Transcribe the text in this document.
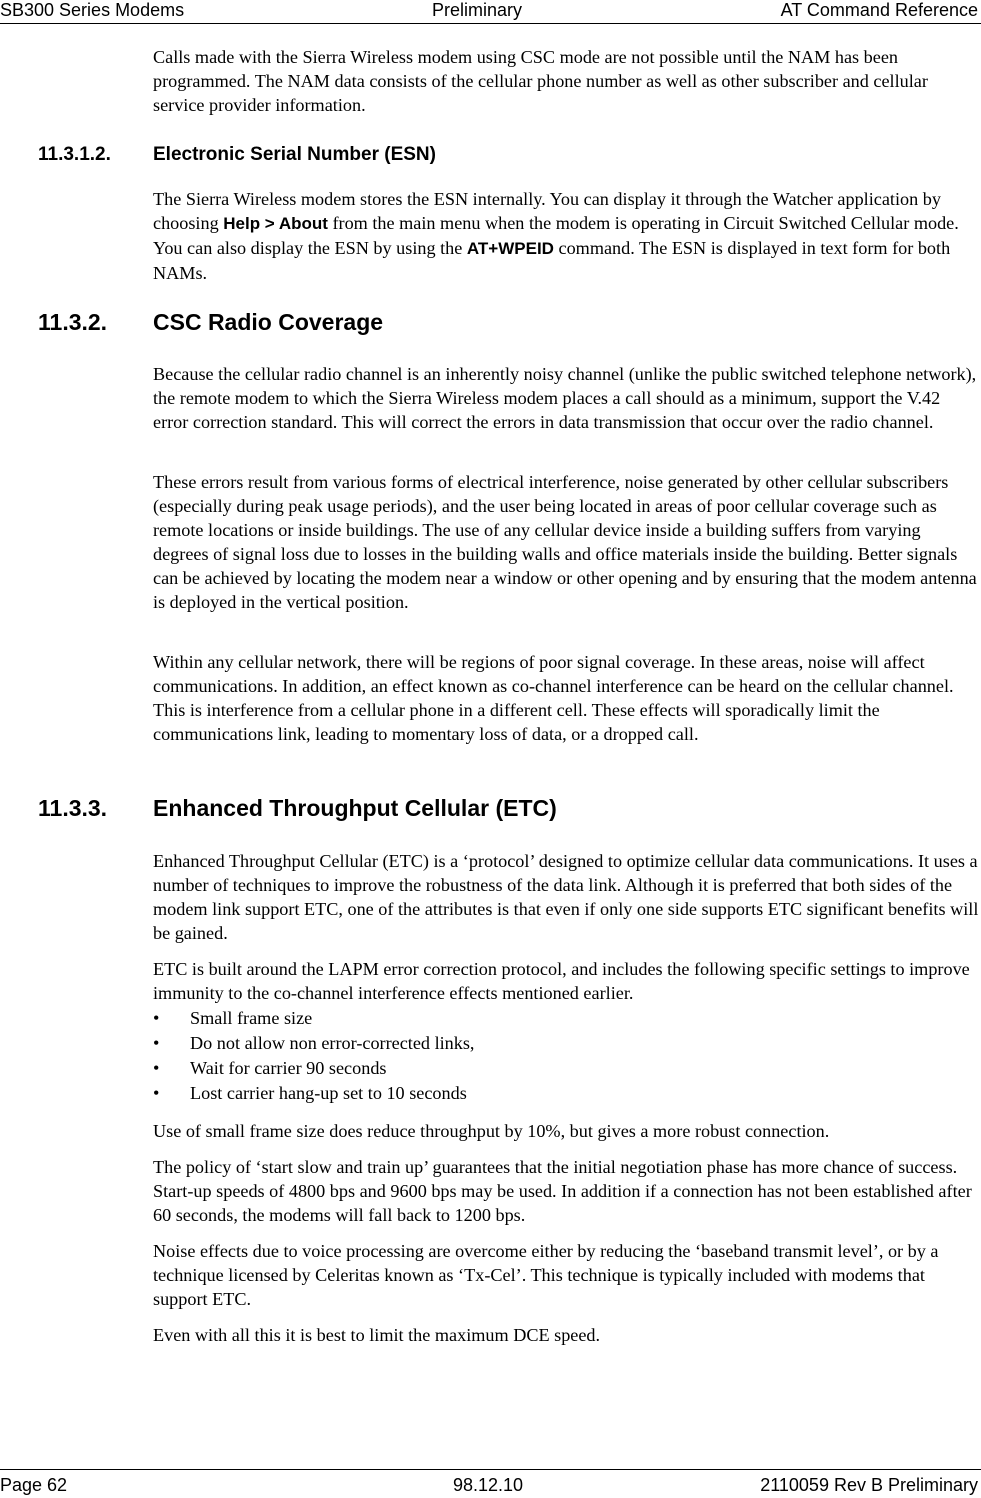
SB300 Series Modems	Preliminary	AT Command Reference

Calls made with the Sierra Wireless modem using CSC mode are not possible until the NAM has been programmed. The NAM data consists of the cellular phone number as well as other subscriber and cellular service provider information.

11.3.1.2. Electronic Serial Number (ESN)

The Sierra Wireless modem stores the ESN internally. You can display it through the Watcher application by choosing Help > About from the main menu when the modem is operating in Circuit Switched Cellular mode. You can also display the ESN by using the AT+WPEID command. The ESN is displayed in text form for both NAMs.

11.3.2. CSC Radio Coverage

Because the cellular radio channel is an inherently noisy channel (unlike the public switched telephone network), the remote modem to which the Sierra Wireless modem places a call should as a minimum, support the V.42 error correction standard. This will correct the errors in data transmission that occur over the radio channel.

These errors result from various forms of electrical interference, noise generated by other cellular subscribers (especially during peak usage periods), and the user being located in areas of poor cellular coverage such as remote locations or inside buildings. The use of any cellular device inside a building suffers from varying degrees of signal loss due to losses in the building walls and office materials inside the building. Better signals can be achieved by locating the modem near a window or other opening and by ensuring that the modem antenna is deployed in the vertical position.

Within any cellular network, there will be regions of poor signal coverage. In these areas, noise will affect communications. In addition, an effect known as co-channel interference can be heard on the cellular channel. This is interference from a cellular phone in a different cell. These effects will sporadically limit the communications link, leading to momentary loss of data, or a dropped call.

11.3.3. Enhanced Throughput Cellular (ETC)

Enhanced Throughput Cellular (ETC) is a ‘protocol’ designed to optimize cellular data communications. It uses a number of techniques to improve the robustness of the data link. Although it is preferred that both sides of the modem link support ETC, one of the attributes is that even if only one side supports ETC significant benefits will be gained.

ETC is built around the LAPM error correction protocol, and includes the following specific settings to improve immunity to the co-channel interference effects mentioned earlier.

• Small frame size
• Do not allow non error-corrected links,
• Wait for carrier 90 seconds
• Lost carrier hang-up set to 10 seconds

Use of small frame size does reduce throughput by 10%, but gives a more robust connection.

The policy of ‘start slow and train up’ guarantees that the initial negotiation phase has more chance of success. Start-up speeds of 4800 bps and 9600 bps may be used. In addition if a connection has not been established after 60 seconds, the modems will fall back to 1200 bps.

Noise effects due to voice processing are overcome either by reducing the ‘baseband transmit level’, or by a technique licensed by Celeritas known as ‘Tx-Cel’. This technique is typically included with modems that support ETC.

Even with all this it is best to limit the maximum DCE speed.

Page 62	98.12.10	2110059 Rev B Preliminary
